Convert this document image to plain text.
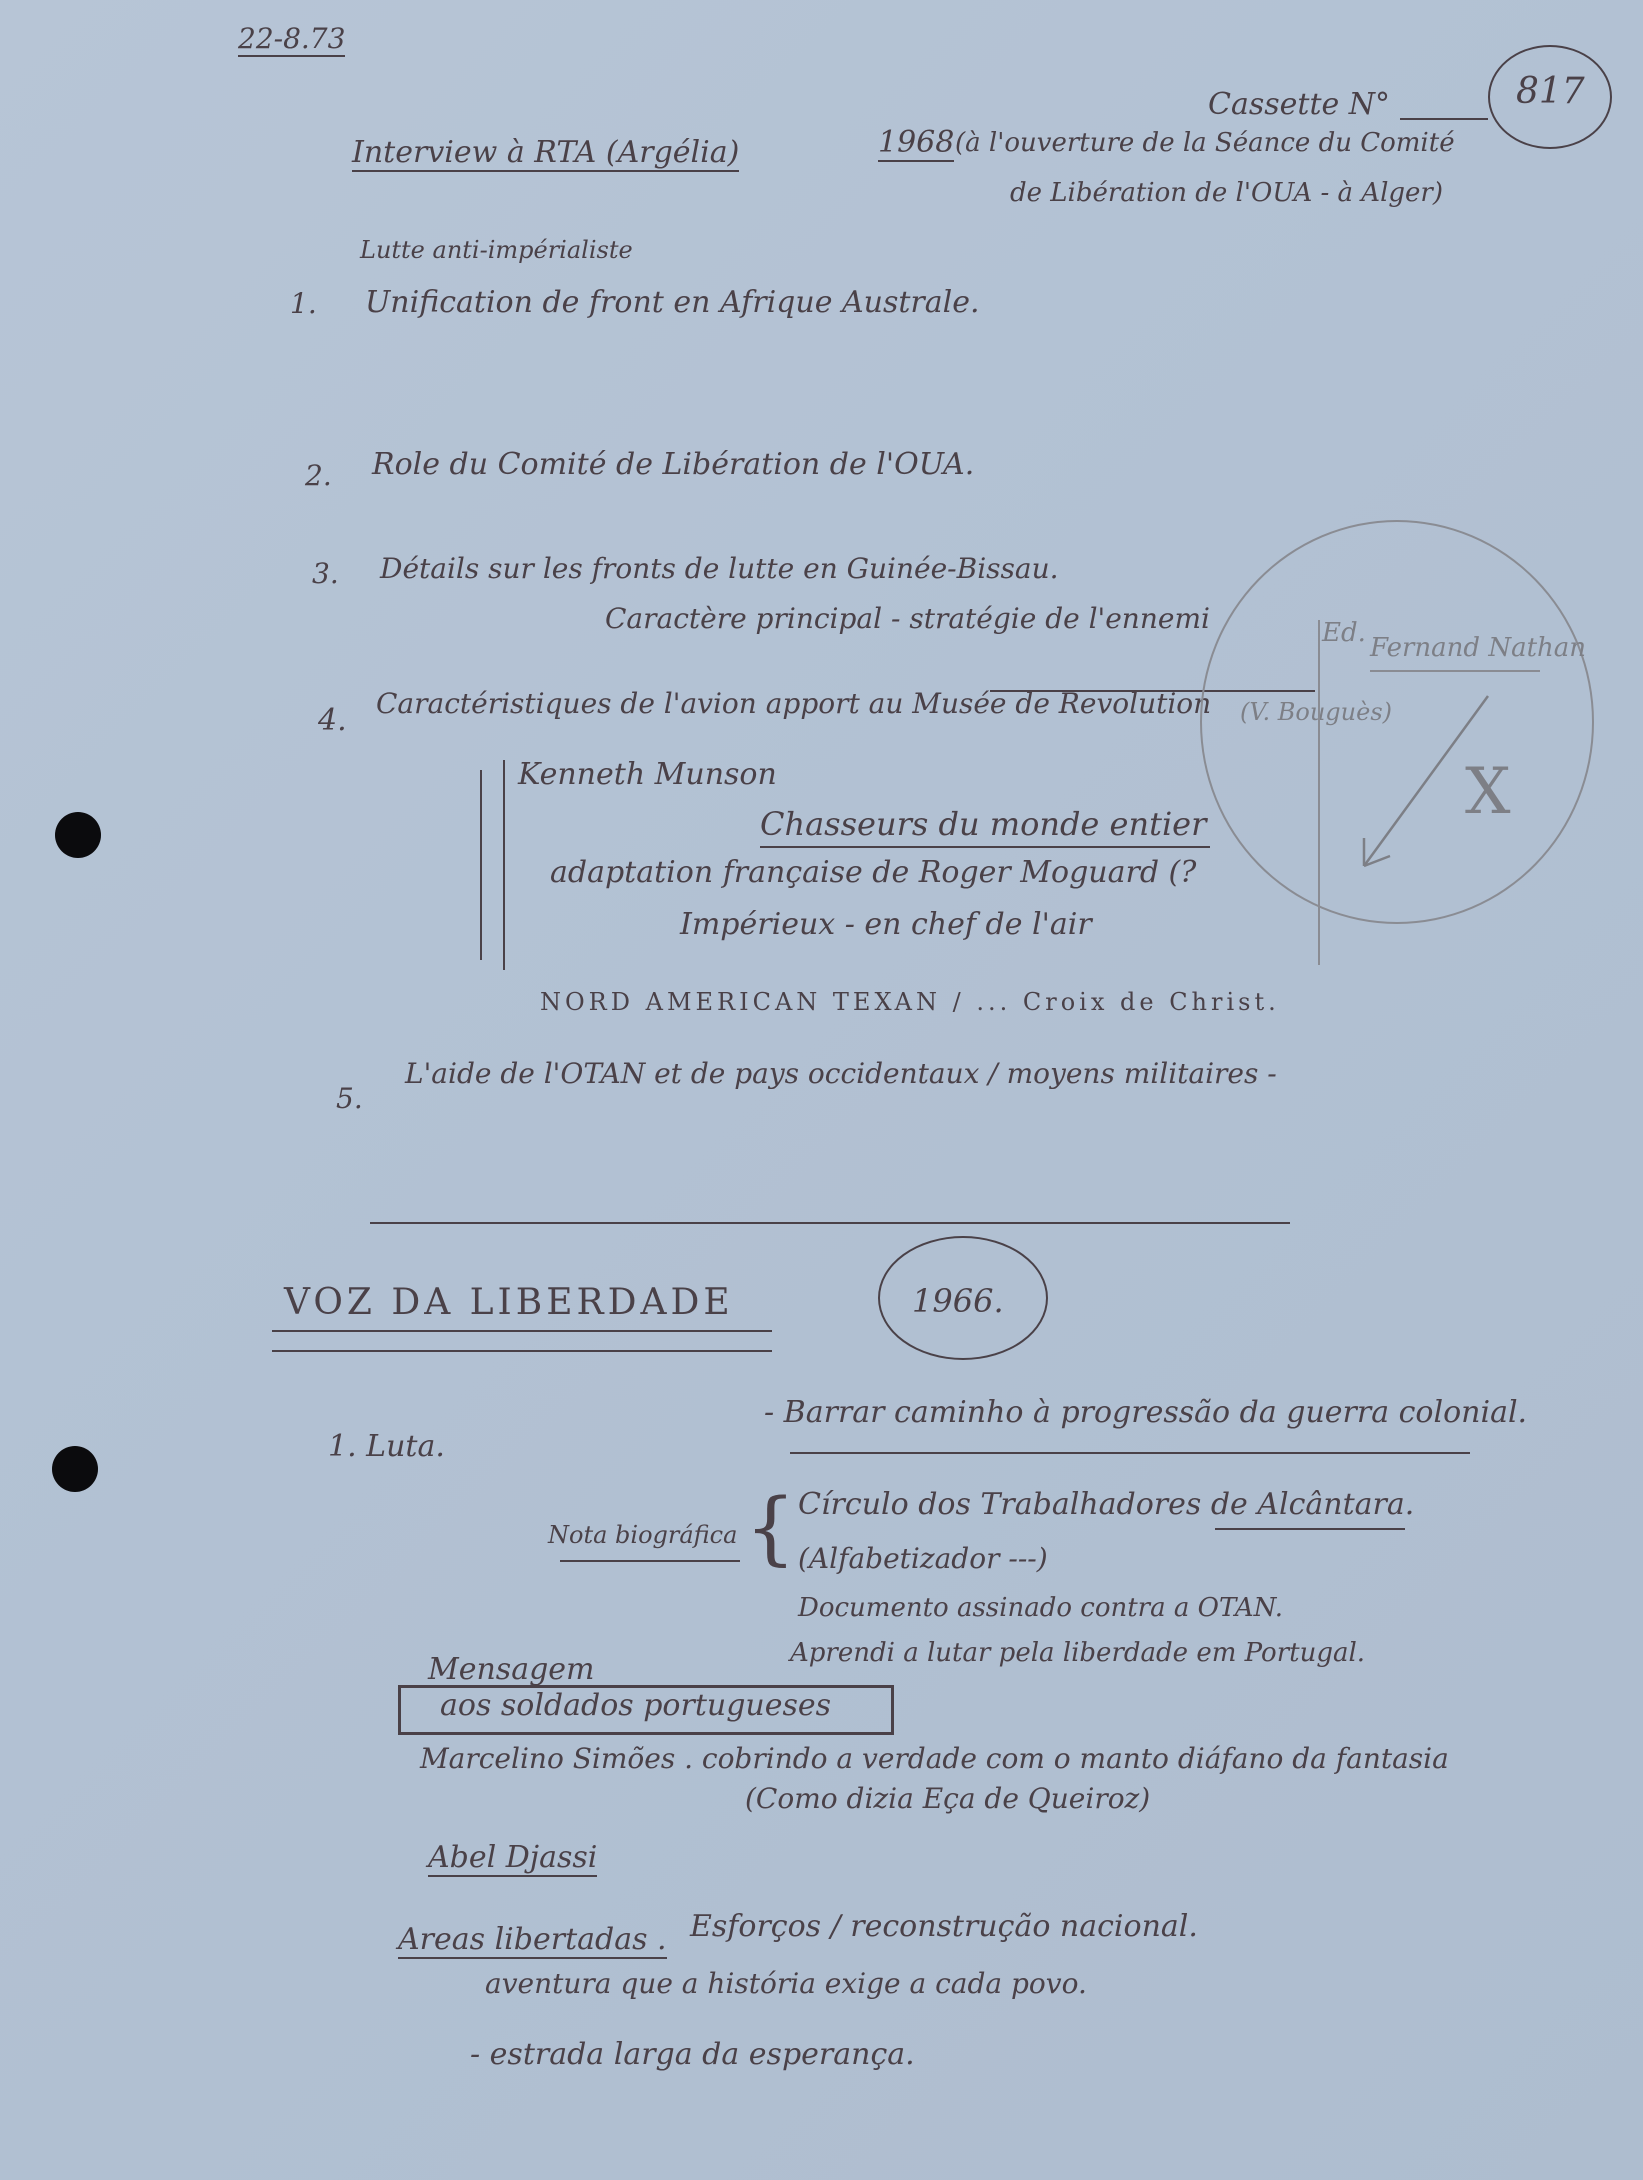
22-8.73
Cassette N°	817
Interview à RTA (Argélia)	1968 (à l'ouverture de la Séance du Comité
de Libération de l'OUA - à Alger)
Lutte anti-impérialiste
1. Unification de front en Afrique Australe.
2. Role du Comité de Libération de l'OUA.
3. Détails sur les fronts de lutte en Guinée-Bissau.
Caractère principal - stratégie de l'ennemi
4. Caractéristiques de l'avion apport au Musée de Revolution
Kenneth Munson
Chasseurs du monde entier
adaptation française de Roger Moguard (?
Impérieux - en chef de l'air
NORD AMERICAN TEXAN / ... Croix de Christ.
Ed. Fernand Nathan
(V. Bouguès)
X
5.
L'aide de l'OTAN et de pays occidentaux / moyens militaires -
VOZ DA LIBERDADE	1966.
1. Luta.
- Barrar caminho à progressão da guerra colonial.
Nota biográfica { Círculo dos Trabalhadores de Alcântara.
(Alfabetizador ---)
Documento assinado contra a OTAN.
Aprendi a lutar pela liberdade em Portugal.
Mensagem
aos soldados portugueses
Marcelino Simões . cobrindo a verdade com o manto diáfano da fantasia
(Como dizia Eça de Queiroz)
Abel Djassi
Areas libertadas . Esforços / reconstrução nacional.
aventura que a história exige a cada povo.
- estrada larga da esperança.
